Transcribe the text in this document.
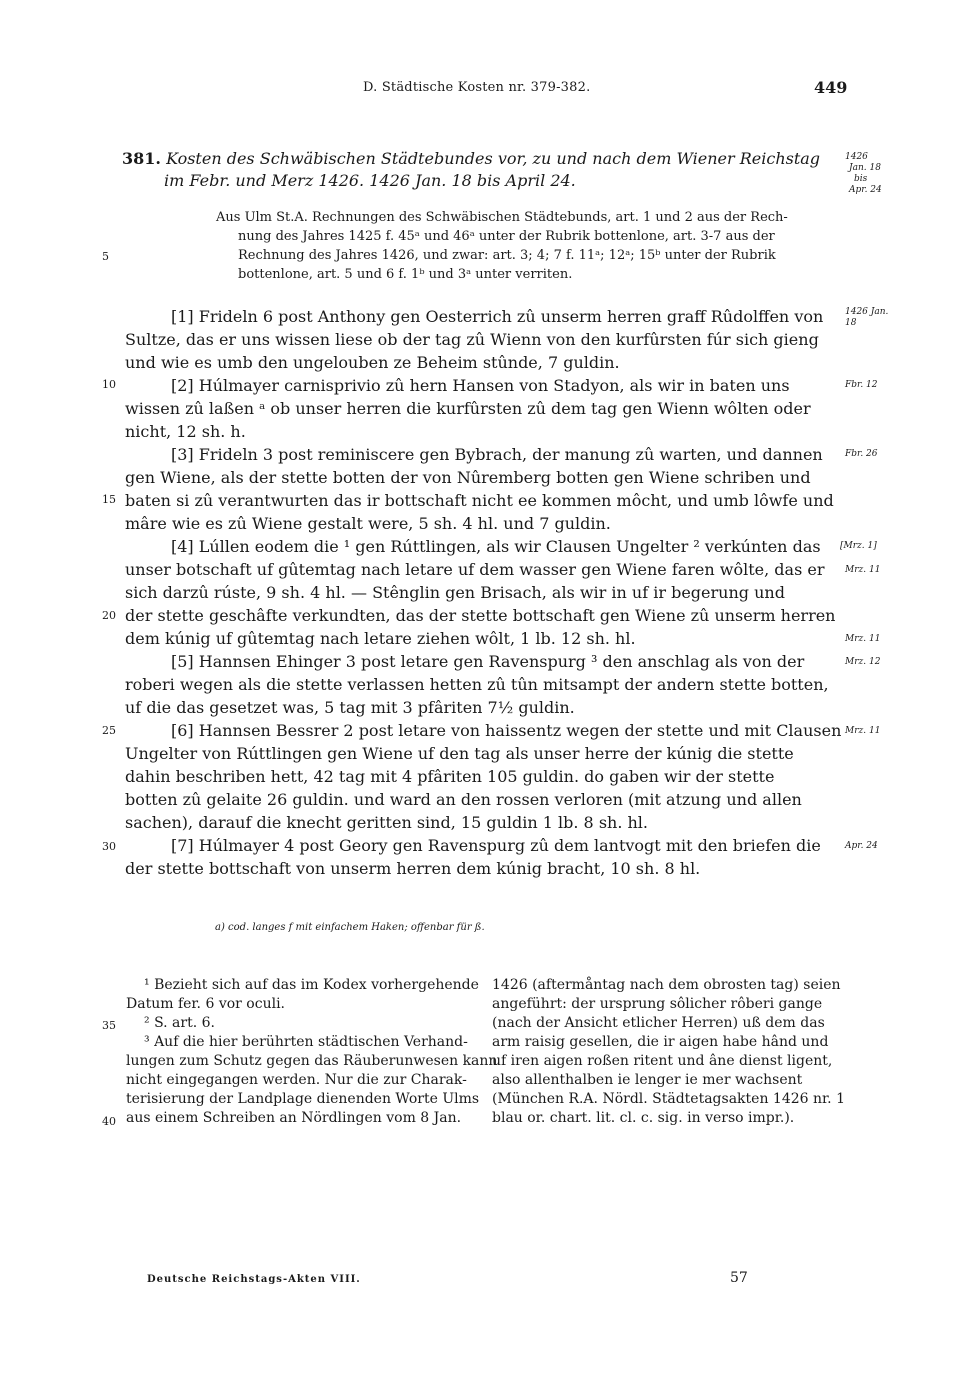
D. Städtische Kosten nr. 379-382.	449
381. Kosten des Schwäbischen Städtebundes vor, zu und nach dem Wiener Reichstag
im Febr. und Merz 1426. 1426 Jan. 18 bis April 24.
1426
Jan. 18
bis
Apr. 24
Aus Ulm St.A. Rechnungen des Schwäbischen Städtebunds, art. 1 und 2 aus der Rech-
nung des Jahres 1425 f. 45ᵃ und 46ᵃ unter der Rubrik bottenlone, art. 3-7 aus der
Rechnung des Jahres 1426, und zwar: art. 3; 4; 7 f. 11ᵃ; 12ᵃ; 15ᵇ unter der Rubrik
bottenlone, art. 5 und 6 f. 1ᵇ und 3ᵃ unter verriten.
[1] Frideln 6 post Anthony gen Oesterrich zû unserm herren graff Rûdolffen von
Sultze, das er uns wissen liese ob der tag zû Wienn von den kurfûrsten fúr sich gieng
und wie es umb den ungelouben ze Beheim stûnde, 7 guldin.
[2] Húlmayer carnisprivio zû hern Hansen von Stadyon, als wir in baten uns
wissen zû laßen ᵃ ob unser herren die kurfûrsten zû dem tag gen Wienn wôlten oder
nicht, 12 sh. h.
[3] Frideln 3 post reminiscere gen Bybrach, der manung zû warten, und dannen
gen Wiene, als der stette botten der von Nûremberg botten gen Wiene schriben und
baten si zû verantwurten das ir bottschaft nicht ee kommen môcht, und umb lôwfe und
mâre wie es zû Wiene gestalt were, 5 sh. 4 hl. und 7 guldin.
[4] Lúllen eodem die ¹ gen Rúttlingen, als wir Clausen Ungelter ² verkúnten das
unser botschaft uf gûtemtag nach letare uf dem wasser gen Wiene faren wôlte, das er
sich darzû rúste, 9 sh. 4 hl. — Stênglin gen Brisach, als wir in uf ir begerung und
der stette geschâfte verkundten, das der stette bottschaft gen Wiene zû unserm herren
dem kúnig uf gûtemtag nach letare ziehen wôlt, 1 lb. 12 sh. hl.
[5] Hannsen Ehinger 3 post letare gen Ravenspurg ³ den anschlag als von der
roberi wegen als die stette verlassen hetten zû tûn mitsampt der andern stette botten,
uf die das gesetzet was, 5 tag mit 3 pfâriten 7½ guldin.
[6] Hannsen Bessrer 2 post letare von haissentz wegen der stette und mit Clausen
Ungelter von Rúttlingen gen Wiene uf den tag als unser herre der kúnig die stette
dahin beschriben hett, 42 tag mit 4 pfâriten 105 guldin. do gaben wir der stette
botten zû gelaite 26 guldin. und ward an den rossen verloren (mit atzung und allen
sachen), darauf die knecht geritten sind, 15 guldin 1 lb. 8 sh. hl.
[7] Húlmayer 4 post Geory gen Ravenspurg zû dem lantvogt mit den briefen die
der stette bottschaft von unserm herren dem kúnig bracht, 10 sh. 8 hl.
1426 Jan. 18
Fbr. 12
Fbr. 26
[Mrz. 1]
Mrz. 11
Mrz. 11
Mrz. 12
Mrz. 11
Apr. 24
5
10
15
20
25
30
35
40
a) cod. langes f mit einfachem Haken; offenbar für ß.
¹ Bezieht sich auf das im Kodex vorhergehende
Datum fer. 6 vor oculi.
² S. art. 6.
³ Auf die hier berührten städtischen Verhand-
lungen zum Schutz gegen das Räuberunwesen kann
nicht eingegangen werden. Nur die zur Charak-
terisierung der Landplage dienenden Worte Ulms
aus einem Schreiben an Nördlingen vom 8 Jan.
1426 (aftermåntag nach dem obrosten tag) seien
angeführt: der ursprung sôlicher rôberi gange
(nach der Ansicht etlicher Herren) uß dem das
arm raisig gesellen, die ir aigen habe hând und
uf iren aigen roßen ritent und âne dienst ligent,
also allenthalben ie lenger ie mer wachsent
(München R.A. Nördl. Städtetagsakten 1426 nr. 1
blau or. chart. lit. cl. c. sig. in verso impr.).
Deutsche Reichstags-Akten VIII.	57
